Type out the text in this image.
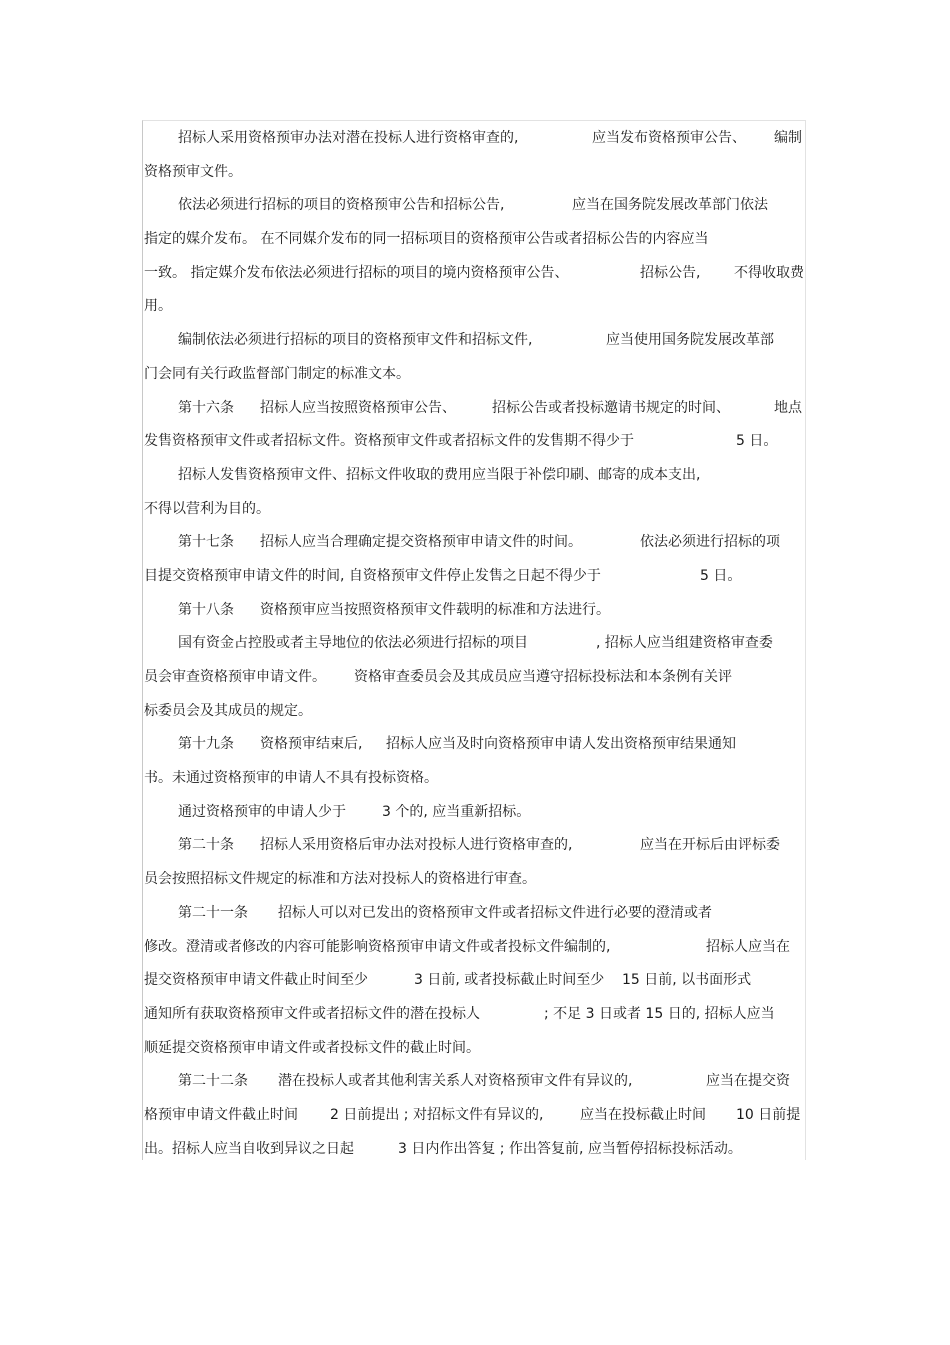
招标人采用资格预审办法对潜在投标人进行资格审查的,	应当发布资格预审公告、 编制
资格预审文件。
依法必须进行招标的项目的资格预审公告和招标公告,	应当在国务院发展改革部门依法
指定的媒介发布。 在不同媒介发布的同一招标项目的资格预审公告或者招标公告的内容应当
一致。 指定媒介发布依法必须进行招标的项目的境内资格预审公告、	招标公告, 不得收取费
用。
编制依法必须进行招标的项目的资格预审文件和招标文件,	应当使用国务院发展改革部
门会同有关行政监督部门制定的标准文本。
第十六条 招标人应当按照资格预审公告、	招标公告或者投标邀请书规定的时间、	地点
发售资格预审文件或者招标文件。资格预审文件或者招标文件的发售期不得少于	5 日。
招标人发售资格预审文件、招标文件收取的费用应当限于补偿印刷、邮寄的成本支出,
不得以营利为目的。
第十七条 招标人应当合理确定提交资格预审申请文件的时间。	依法必须进行招标的项
目提交资格预审申请文件的时间, 自资格预审文件停止发售之日起不得少于	5 日。
第十八条 资格预审应当按照资格预审文件载明的标准和方法进行。
国有资金占控股或者主导地位的依法必须进行招标的项目	, 招标人应当组建资格审查委
员会审查资格预审申请文件。 资格审查委员会及其成员应当遵守招标投标法和本条例有关评
标委员会及其成员的规定。
第十九条 资格预审结束后, 招标人应当及时向资格预审申请人发出资格预审结果通知
书。未通过资格预审的申请人不具有投标资格。
通过资格预审的申请人少于	3 个的, 应当重新招标。
第二十条 招标人采用资格后审办法对投标人进行资格审查的,	应当在开标后由评标委
员会按照招标文件规定的标准和方法对投标人的资格进行审查。
第二十一条 招标人可以对已发出的资格预审文件或者招标文件进行必要的澄清或者
修改。澄清或者修改的内容可能影响资格预审申请文件或者投标文件编制的,	招标人应当在
提交资格预审申请文件截止时间至少	3 日前, 或者投标截止时间至少 15 日前, 以书面形式
通知所有获取资格预审文件或者招标文件的潜在投标人	; 不足 3 日或者 15 日的, 招标人应当
顺延提交资格预审申请文件或者投标文件的截止时间。
第二十二条 潜在投标人或者其他利害关系人对资格预审文件有异议的,	应当在提交资
格预审申请文件截止时间 2 日前提出 ; 对招标文件有异议的,	应当在投标截止时间 10 日前提
出。招标人应当自收到异议之日起	3 日内作出答复 ; 作出答复前, 应当暂停招标投标活动。
